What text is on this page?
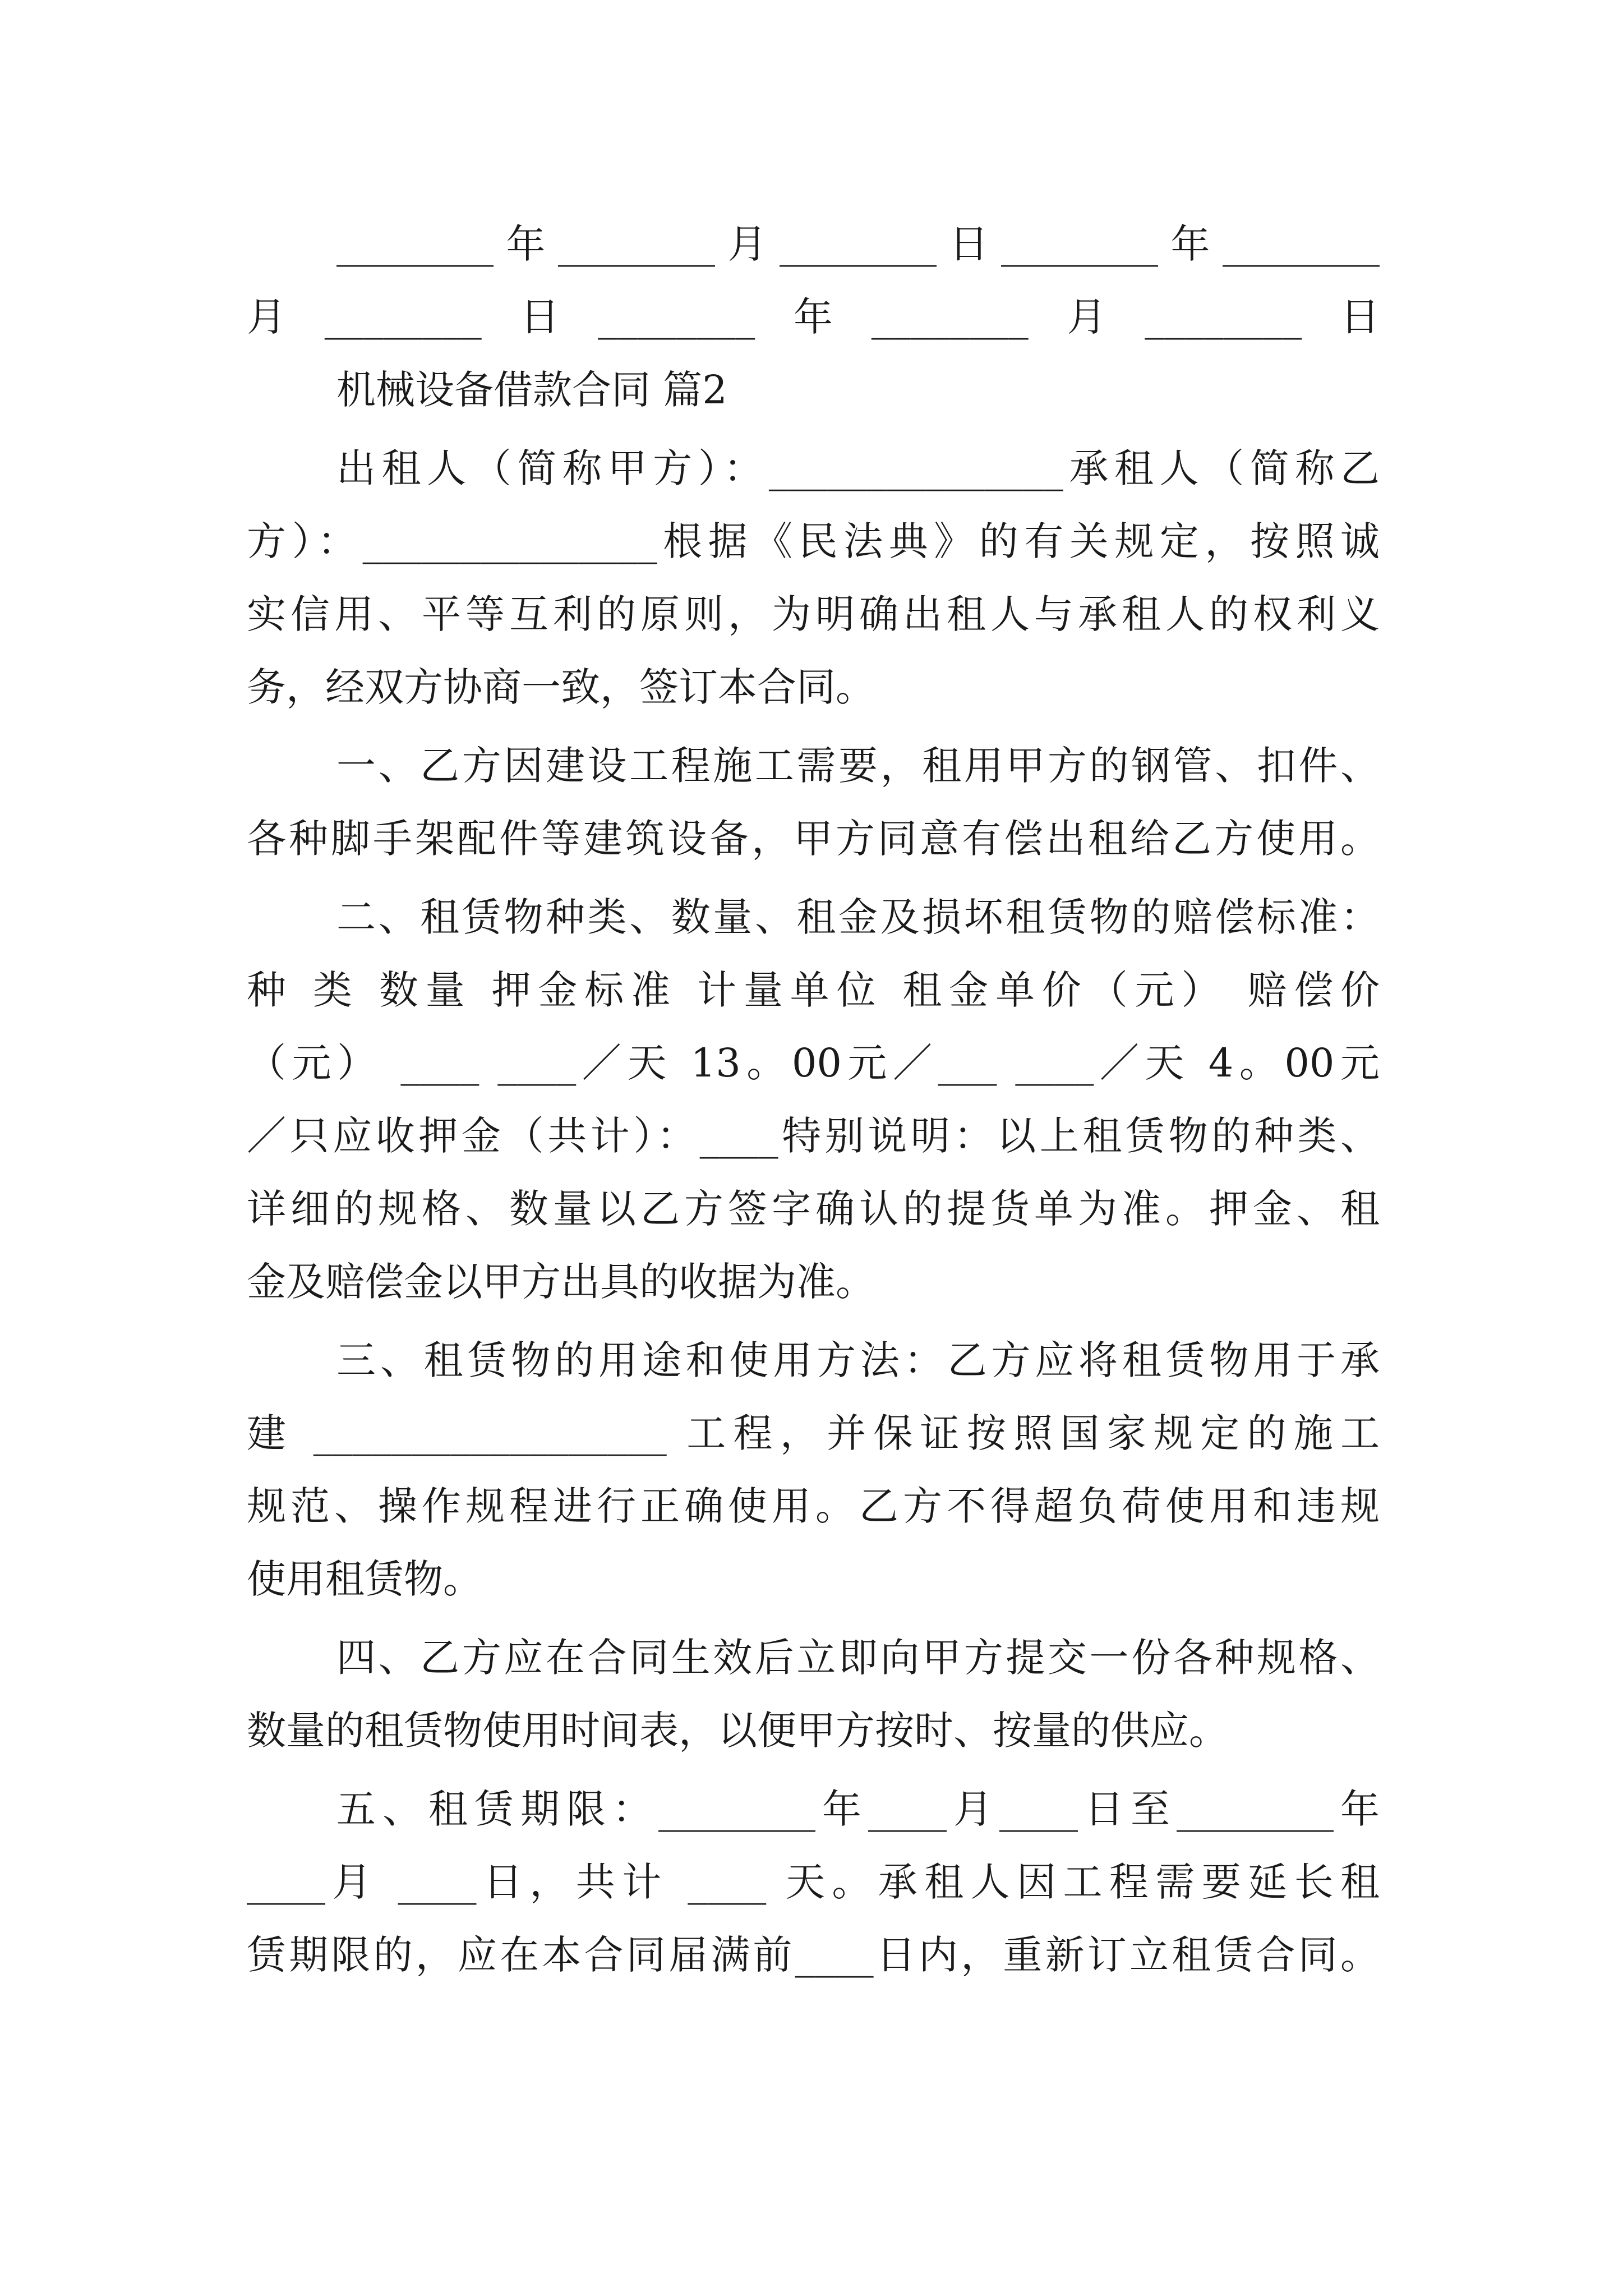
________年________月________日________年________
月________日________年________月________日
机械设备借款合同 篇2
出租人（简称甲方）：_______________承租人（简称乙
方）：_______________根据《民法典》的有关规定，按照诚
实信用、平等互利的原则，为明确出租人与承租人的权利义
务，经双方协商一致，签订本合同。
一、乙方因建设工程施工需要，租用甲方的钢管、扣件、
各种脚手架配件等建筑设备，甲方同意有偿出租给乙方使用。
二、租赁物种类、数量、租金及损坏租赁物的赔偿标准：
种 类 数量 押金标准 计量单位 租金单价（元） 赔偿价
（元） ____ ____／天 13。00元／___ ____／天 4。00元
／只应收押金（共计）：____特别说明：以上租赁物的种类、
详细的规格、数量以乙方签字确认的提货单为准。押金、租
金及赔偿金以甲方出具的收据为准。
三、租赁物的用途和使用方法：乙方应将租赁物用于承
建 __________________ 工程，并保证按照国家规定的施工
规范、操作规程进行正确使用。乙方不得超负荷使用和违规
使用租赁物。
四、乙方应在合同生效后立即向甲方提交一份各种规格、
数量的租赁物使用时间表，以便甲方按时、按量的供应。
五、租赁期限：________年____月____日至________年
____月 ____日，共计 ____ 天。承租人因工程需要延长租
赁期限的，应在本合同届满前____日内，重新订立租赁合同。
